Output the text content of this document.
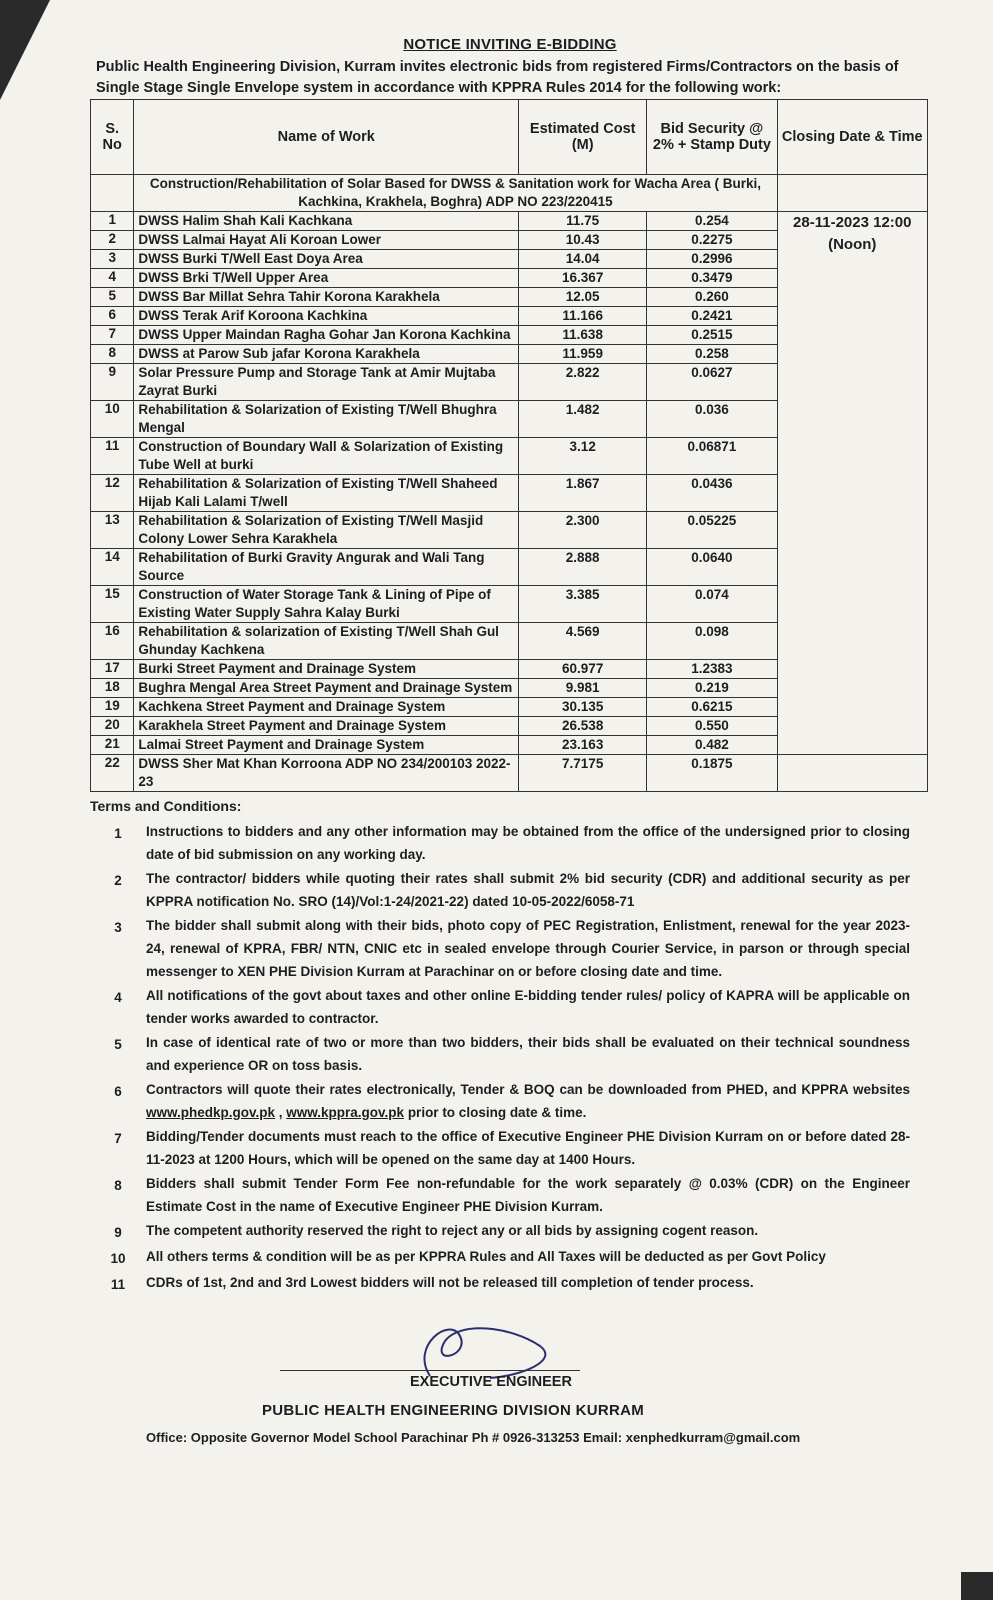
NOTICE INVITING E-BIDDING

Public Health Engineering Division, Kurram invites electronic bids from registered Firms/Contractors on the basis of Single Stage Single Envelope system in accordance with KPPRA Rules 2014 for the following work:

S. No	Name of Work	Estimated Cost (M)	Bid Security @ 2% + Stamp Duty	Closing Date & Time
	Construction/Rehabilitation of Solar Based for DWSS & Sanitation work for Wacha Area ( Burki, Kachkina, Krakhela, Boghra) ADP NO 223/220415			
1	DWSS Halim Shah Kali Kachkana	11.75	0.254	28-11-2023 12:00 (Noon)
2	DWSS Lalmai Hayat Ali Koroan Lower	10.43	0.2275	
3	DWSS Burki T/Well East Doya Area	14.04	0.2996	
4	DWSS Brki T/Well Upper Area	16.367	0.3479	
5	DWSS Bar Millat Sehra Tahir Korona Karakhela	12.05	0.260	
6	DWSS Terak Arif Koroona Kachkina	11.166	0.2421	
7	DWSS Upper Maindan Ragha Gohar Jan Korona Kachkina	11.638	0.2515	
8	DWSS at Parow Sub jafar Korona Karakhela	11.959	0.258	
9	Solar Pressure Pump and Storage Tank at Amir Mujtaba Zayrat Burki	2.822	0.0627	
10	Rehabilitation & Solarization of Existing T/Well Bhughra Mengal	1.482	0.036	
11	Construction of Boundary Wall & Solarization of Existing Tube Well at burki	3.12	0.06871	
12	Rehabilitation & Solarization of Existing T/Well Shaheed Hijab Kali Lalami T/well	1.867	0.0436	
13	Rehabilitation & Solarization of Existing T/Well Masjid Colony Lower Sehra Karakhela	2.300	0.05225	
14	Rehabilitation of Burki Gravity Angurak and Wali Tang Source	2.888	0.0640	
15	Construction of Water Storage Tank & Lining of Pipe of Existing Water Supply Sahra Kalay Burki	3.385	0.074	
16	Rehabilitation & solarization of Existing T/Well Shah Gul Ghunday Kachkena	4.569	0.098	
17	Burki Street Payment and Drainage System	60.977	1.2383	
18	Bughra Mengal Area Street Payment and Drainage System	9.981	0.219	
19	Kachkena Street Payment and Drainage System	30.135	0.6215	
20	Karakhela Street Payment and Drainage System	26.538	0.550	
21	Lalmai Street Payment and Drainage System	23.163	0.482	
22	DWSS Sher Mat Khan Korroona ADP NO 234/200103 2022-23	7.7175	0.1875	
Terms and Conditions:
1	Instructions to bidders and any other information may be obtained from the office of the undersigned prior to closing date of bid submission on any working day.
2	The contractor/ bidders while quoting their rates shall submit 2% bid security (CDR) and additional security as per KPPRA notification No. SRO (14)/Vol:1-24/2021-22) dated 10-05-2022/6058-71
3	The bidder shall submit along with their bids, photo copy of PEC Registration, Enlistment, renewal for the year 2023-24, renewal of KPRA, FBR/ NTN, CNIC etc in sealed envelope through Courier Service, in parson or through special messenger to XEN PHE Division Kurram at Parachinar on or before closing date and time.
4	All notifications of the govt about taxes and other online E-bidding tender rules/ policy of KAPRA will be applicable on tender works awarded to contractor.
5	In case of identical rate of two or more than two bidders, their bids shall be evaluated on their technical soundness and experience OR on toss basis.
6	Contractors will quote their rates electronically, Tender & BOQ can be downloaded from PHED, and KPPRA websites www.phedkp.gov.pk , www.kppra.gov.pk prior to closing date & time.
7	Bidding/Tender documents must reach to the office of Executive Engineer PHE Division Kurram on or before dated 28-11-2023 at 1200 Hours, which will be opened on the same day at 1400 Hours.
8	Bidders shall submit Tender Form Fee non-refundable for the work separately @ 0.03% (CDR) on the Engineer Estimate Cost in the name of Executive Engineer PHE Division Kurram.
9	The competent authority reserved the right to reject any or all bids by assigning cogent reason.
10	All others terms & condition will be as per KPPRA Rules and All Taxes will be deducted as per Govt Policy
11	CDRs of 1st, 2nd and 3rd Lowest bidders will not be released till completion of tender process.
EXECUTIVE ENGINEER
PUBLIC HEALTH ENGINEERING DIVISION KURRAM
Office: Opposite Governor Model School Parachinar Ph # 0926-313253 Email: xenphedkurram@gmail.com
